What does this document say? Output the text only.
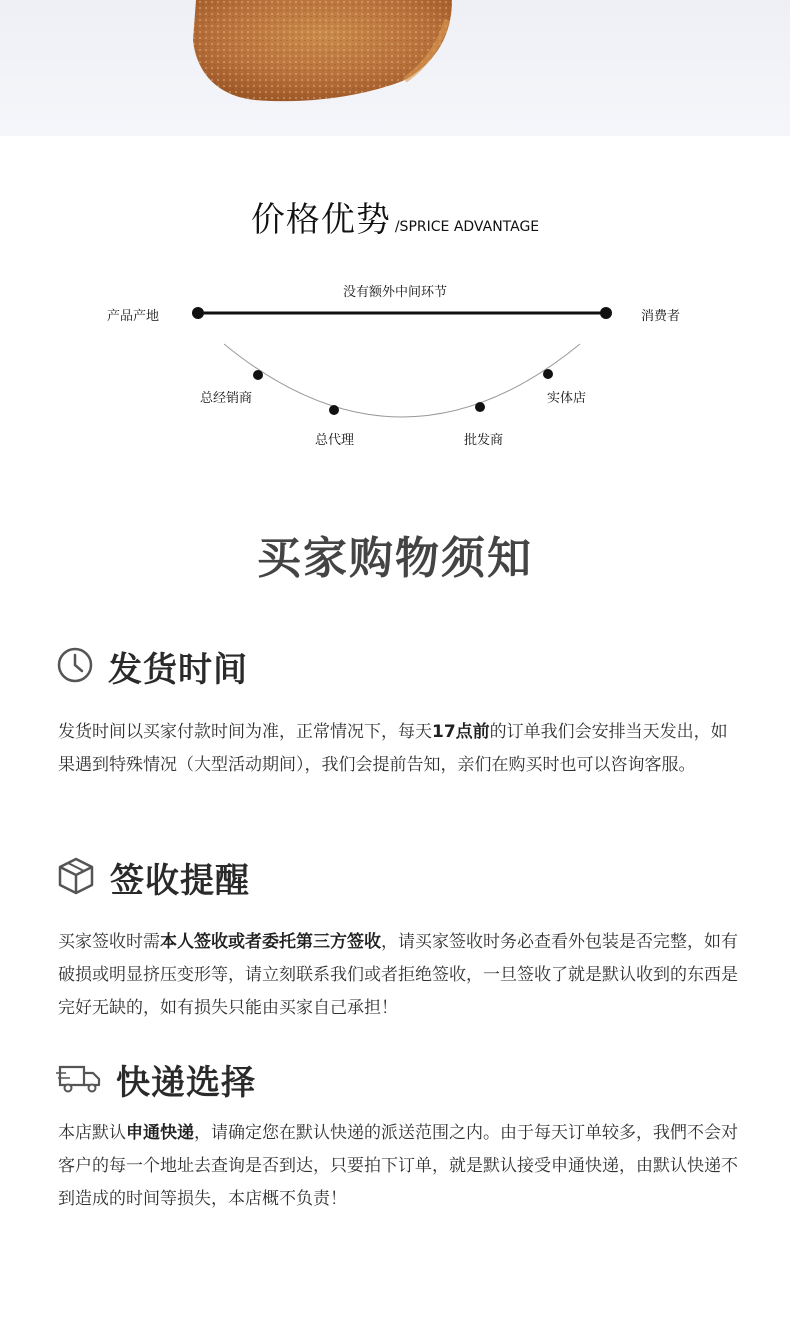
价格优势 /SPRICE ADVANTAGE
没有额外中间环节
产品产地	消费者
总经销商
总代理	批发商
实体店
买家购物须知
发货时间
发货时间以买家付款时间为准，正常情况下，每天17点前的订单我们会安排当天发出，如果遇到特殊情况（大型活动期间），我们会提前告知，亲们在购买时也可以咨询客服。
签收提醒
买家签收时需本人签收或者委托第三方签收，请买家签收时务必查看外包装是否完整，如有破损或明显挤压变形等，请立刻联系我们或者拒绝签收，一旦签收了就是默认收到的东西是完好无缺的，如有损失只能由买家自己承担！
快递选择
本店默认申通快递，请确定您在默认快递的派送范围之内。由于每天订单较多，我們不会对客户的每一个地址去查询是否到达，只要拍下订单，就是默认接受申通快递，由默认快递不到造成的时间等损失，本店概不负责！
